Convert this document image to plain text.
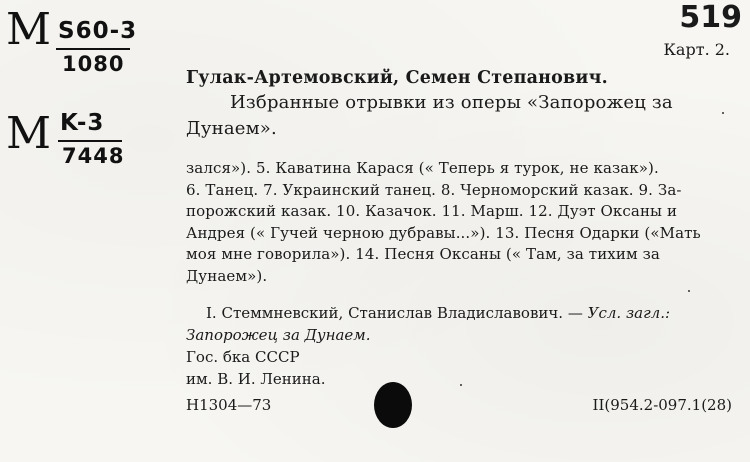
M S60-3
1080
M K-3
7448
519
Карт. 2.
Гулак-Артемовский, Семен Степанович.
Избранные отрывки из оперы «Запорожец за
Дунаем».
зался»). 5. Каватина Карася (« Теперь я турок, не казак»).
6. Танец. 7. Украинский танец. 8. Черноморский казак. 9. За-
порожский казак. 10. Казачок. 11. Марш. 12. Дуэт Оксаны и
Андрея (« Гучей черною дубравы...»). 13. Песня Одарки («Мать
моя мне говорила»). 14. Песня Оксаны (« Там, за тихим за
Дунаем»).
I. Стеммневский, Станислав Владиславович. — Усл. загл.:
Запорожец за Дунаем.
Гос. бка СССР
им. В. И. Ленина.
Н1304—73	II(954.2-097.1(28)
